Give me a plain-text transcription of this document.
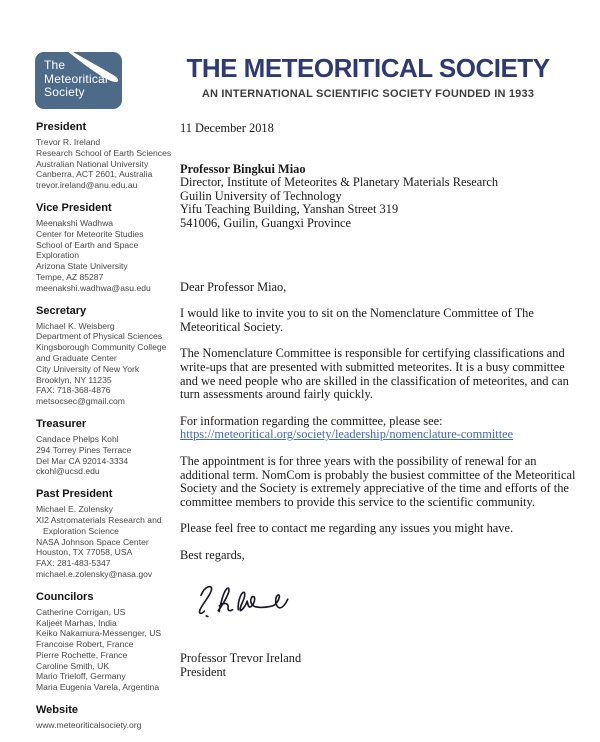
The
Meteoritical
Society
THE METEORITICAL SOCIETY
AN INTERNATIONAL SCIENTIFIC SOCIETY FOUNDED IN 1933
President
Trevor R. Ireland
Research School of Earth Sciences
Australian National University
Canberra, ACT 2601, Australia
trevor.ireland@anu.edu.au
Vice President
Meenakshi Wadhwa
Center for Meteorite Studies
School of Earth and Space
Exploration
Arizona State University
Tempe, AZ 85287
meenakshi.wadhwa@asu.edu
Secretary
Michael K. Weisberg
Department of Physical Sciences
Kingsborough Community College
and Graduate Center
City University of New York
Brooklyn, NY 11235
FAX: 718-368-4876
metsocsec@gmail.com
Treasurer
Candace Phelps Kohl
294 Torrey Pines Terrace
Del Mar CA 92014-3334
ckohl@ucsd.edu
Past President
Michael E. Zolensky
XI2 Astromaterials Research and
Exploration Science
NASA Johnson Space Center
Houston, TX 77058, USA
FAX: 281-483-5347
michael.e.zolensky@nasa.gov
Councilors
Catherine Corrigan, US
Kaljeet Marhas, India
Keiko Nakamura-Messenger, US
Francoise Robert, France
Pierre Rochette, France
Caroline Smith, UK
Mario Trieloff, Germany
Maria Eugenia Varela, Argentina
Website
www.meteoriticalsociety.org
11 December 2018
Professor Bingkui Miao
Director, Institute of Meteorites & Planetary Materials Research
Guilin University of Technology
Yifu Teaching Building, Yanshan Street 319
541006, Guilin, Guangxi Province
Dear Professor Miao,

I would like to invite you to sit on the Nomenclature Committee of The Meteoritical Society.

The Nomenclature Committee is responsible for certifying classifications and write-ups that are presented with submitted meteorites. It is a busy committee and we need people who are skilled in the classification of meteorites, and can turn assessments around fairly quickly.

For information regarding the committee, please see:
https://meteoritical.org/society/leadership/nomenclature-committee

The appointment is for three years with the possibility of renewal for an additional term. NomCom is probably the busiest committee of the Meteoritical Society and the Society is extremely appreciative of the time and efforts of the committee members to provide this service to the scientific community.

Please feel free to contact me regarding any issues you might have.

Best regards,
Professor Trevor Ireland
President
